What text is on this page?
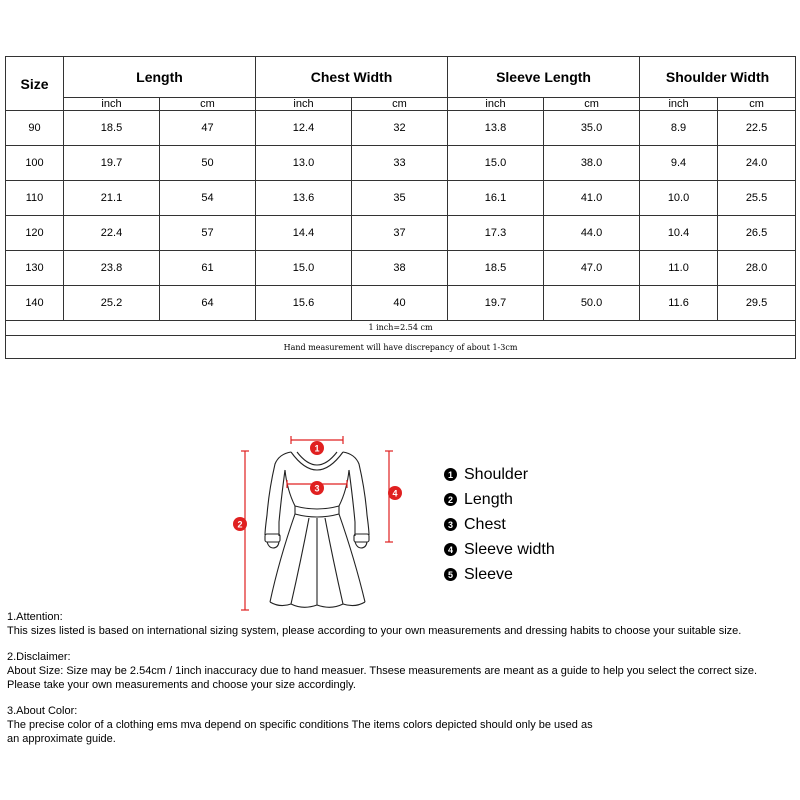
Size	Length		Chest Width		Sleeve Length		Shoulder Width	
	inch	cm	inch	cm	inch	cm	inch	cm
90	18.5	47	12.4	32	13.8	35.0	8.9	22.5
100	19.7	50	13.0	33	15.0	38.0	9.4	24.0
110	21.1	54	13.6	35	16.1	41.0	10.0	25.5
120	22.4	57	14.4	37	17.3	44.0	10.4	26.5
130	23.8	61	15.0	38	18.5	47.0	11.0	28.0
140	25.2	64	15.6	40	19.7	50.0	11.6	29.5
1 inch=2.54 cm								
Hand measurement will have discrepancy of about 1-3cm								
1
2
3	4
1 Shoulder
2 Length
3 Chest
4 Sleeve width
5 Sleeve

1.Attention:

This sizes listed is based on international sizing system, please according to your own measurements and dressing habits to choose your suitable size.

2.Disclaimer:

About Size: Size may be 2.54cm / 1inch inaccuracy due to hand measuer. Thsese measurements are meant as a guide to help you select the correct size.

Please take your own measurements and choose your size accordingly.

3.About Color:

The precise color of a clothing ems mva depend on specific conditions The items colors depicted should only be used as

an approximate guide.
